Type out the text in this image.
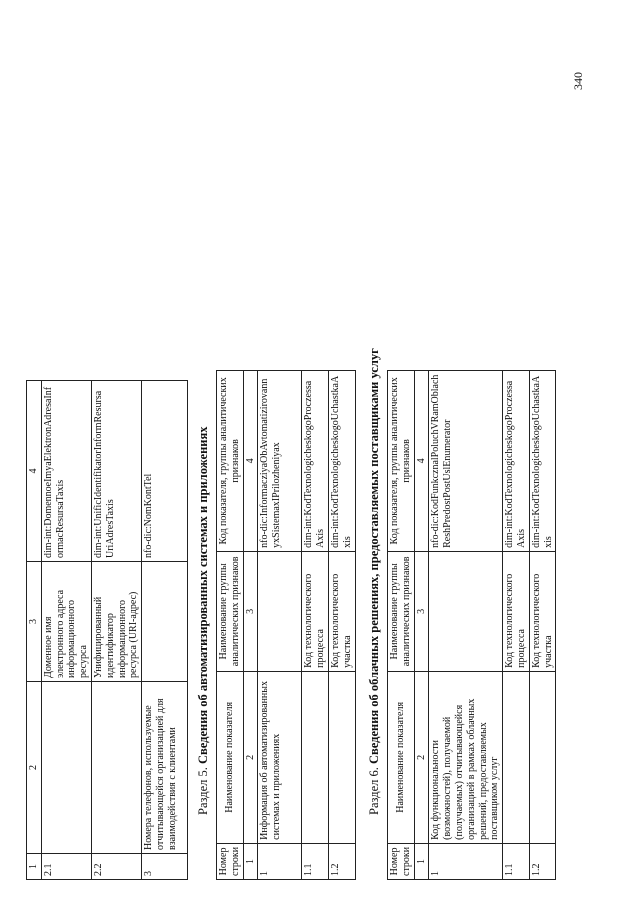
1	2	3	4
2.1		Доменное имя электронного адреса информационного ресурса	dim-int:DomennoeImyaElektronAdresaInformacResursaTaxis
2.2		Унифицированный идентификатор информационного ресурса (URI-адрес)	dim-int:UnifiсIdentifikatorInformResursaUriAdresTaxis
3	Номера телефонов, используемые отчитывающейся организацией для взаимодействия с клиентами		nfo-dic:NomKontTel
Раздел 5. Сведения об автоматизированных системах и приложениях
Номер строки	Наименование показателя	Наименование группы аналитических признаков	Код показателя, группы аналитических признаков
1	2	3	4
1	Информация об автоматизированных системах и приложениях		nfo-dic:InformacziyaObAvtomatizirovannyxSistemaxIPrilozheniyax
1.1		Код технологического процесса	dim-int:KodTexnologicheskogoProczessaAxis
1.2		Код технологического участка	dim-int:KodTexnologicheskogoUchastkaAxis
Раздел 6. Сведения об облачных решениях, предоставляемых поставщиками услуг
Номер строки	Наименование показателя	Наименование группы аналитических признаков	Код показателя, группы аналитических признаков
1	2	3	4
1	Код функциональности (возможностей), получаемой (получаемых) отчитывающейся организацией в рамках облачных решений, предоставляемых поставщиком услуг		nfo-dic:KodFunkcznalPoluchVRamOblachReshPredostPostUslEnumerator
1.1		Код технологического процесса	dim-int:KodTexnologicheskogoProczessaAxis
1.2		Код технологического участка	dim-int:KodTexnologicheskogoUchastkaAxis
340
